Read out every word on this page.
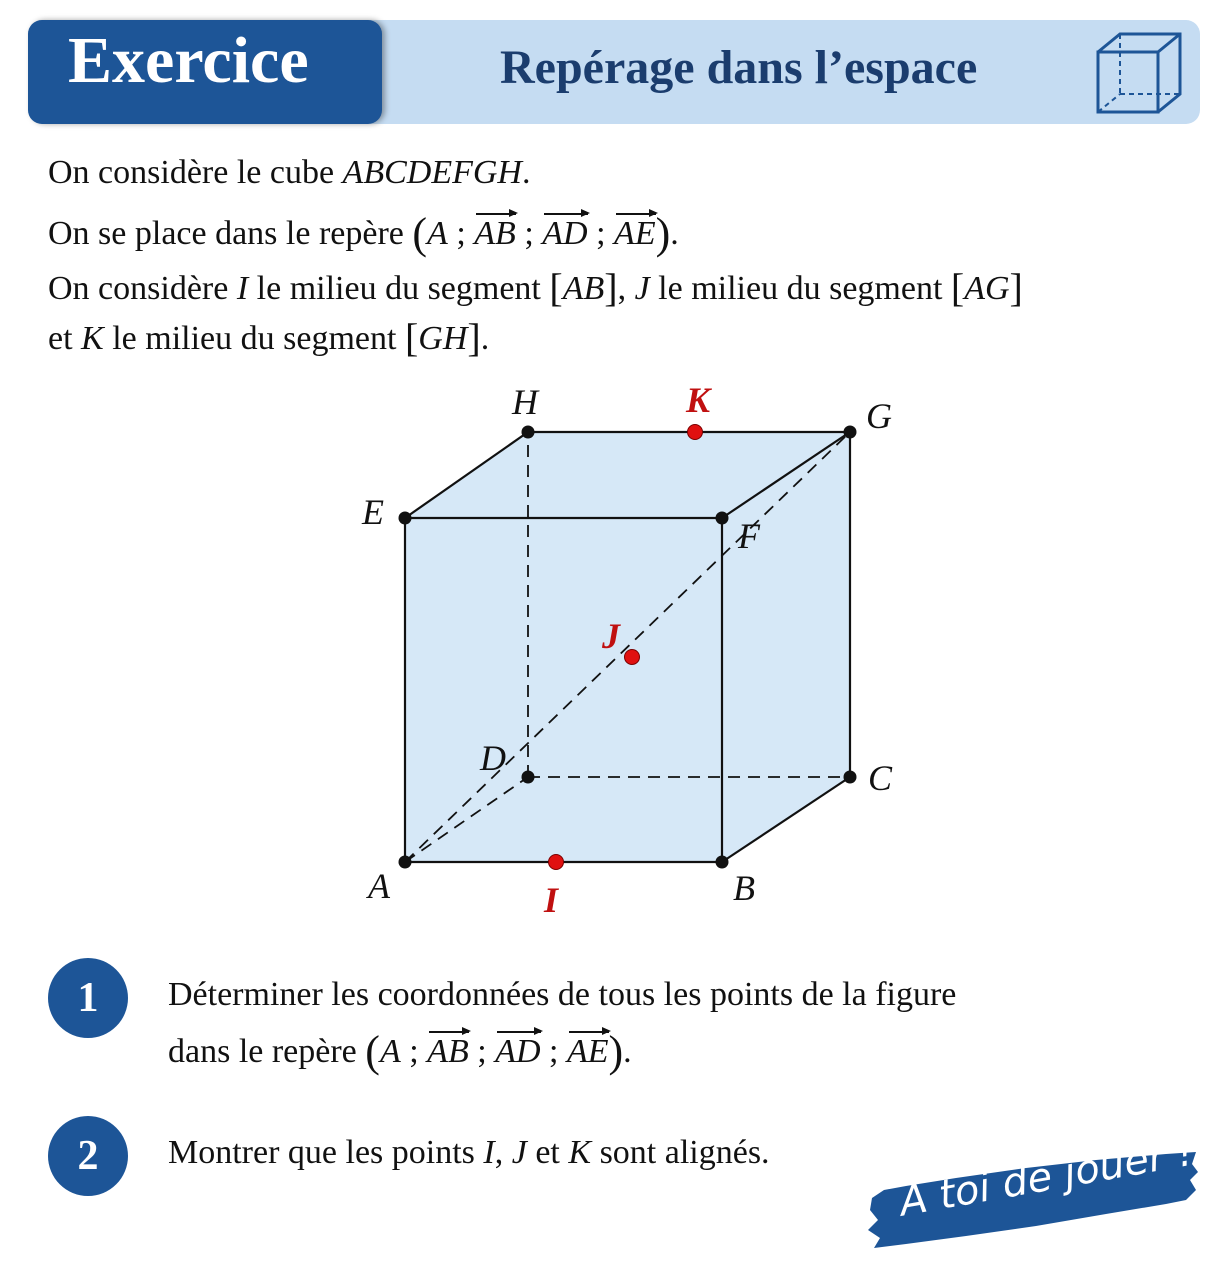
Exercice	Repérage dans l’espace
On considère le cube ABCDEFGH.
On se place dans le repère (A ; AB ; AD ; AE).
On considère I le milieu du segment [AB], J le milieu du segment [AG]
et K le milieu du segment [GH].
A	B
C
D
E
F
G
H
I
J
K
1	Déterminer les coordonnées de tous les points de la figure
dans le repère (A ; AB ; AD ; AE).
2	Montrer que les points I, J et K sont alignés.	À toi de jouer !
